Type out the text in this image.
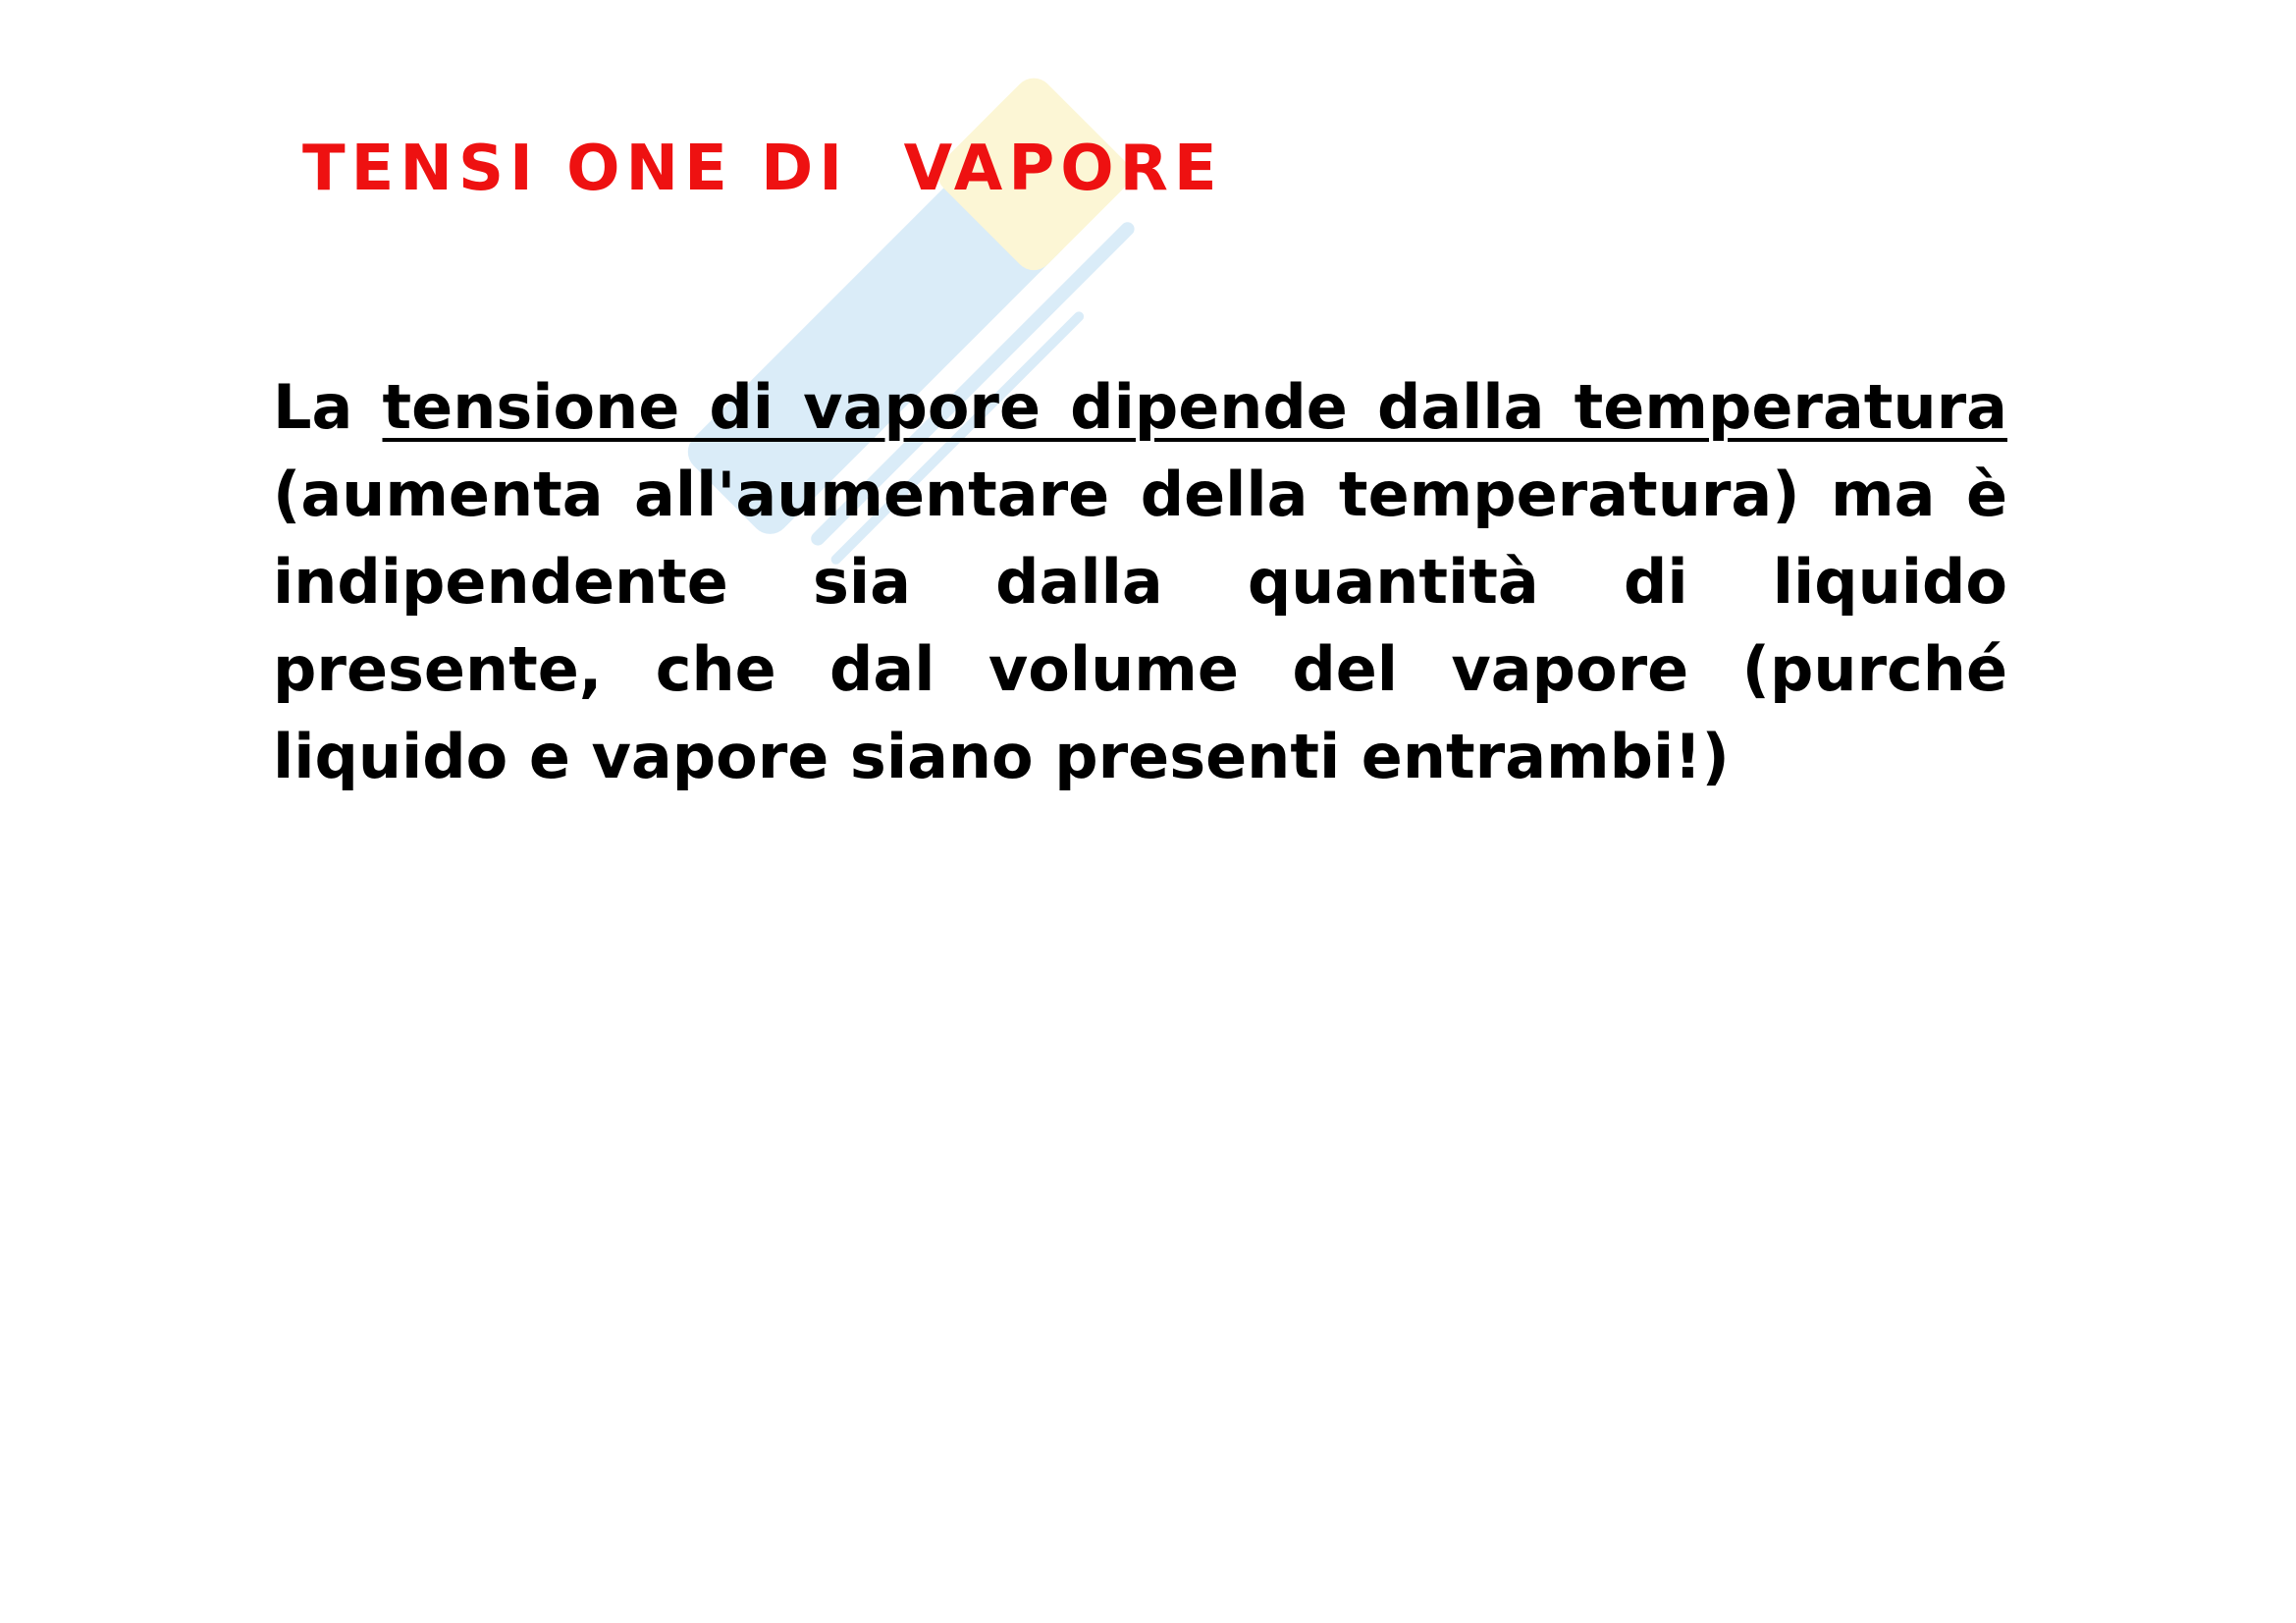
TENSI ONE DI  VAPORE

La tensione di vapore dipende dalla temperatura (aumenta all'aumentare della temperatura) ma è indipendente sia dalla quantità di liquido presente, che dal volume del vapore (purché liquido e vapore siano presenti entrambi!)
